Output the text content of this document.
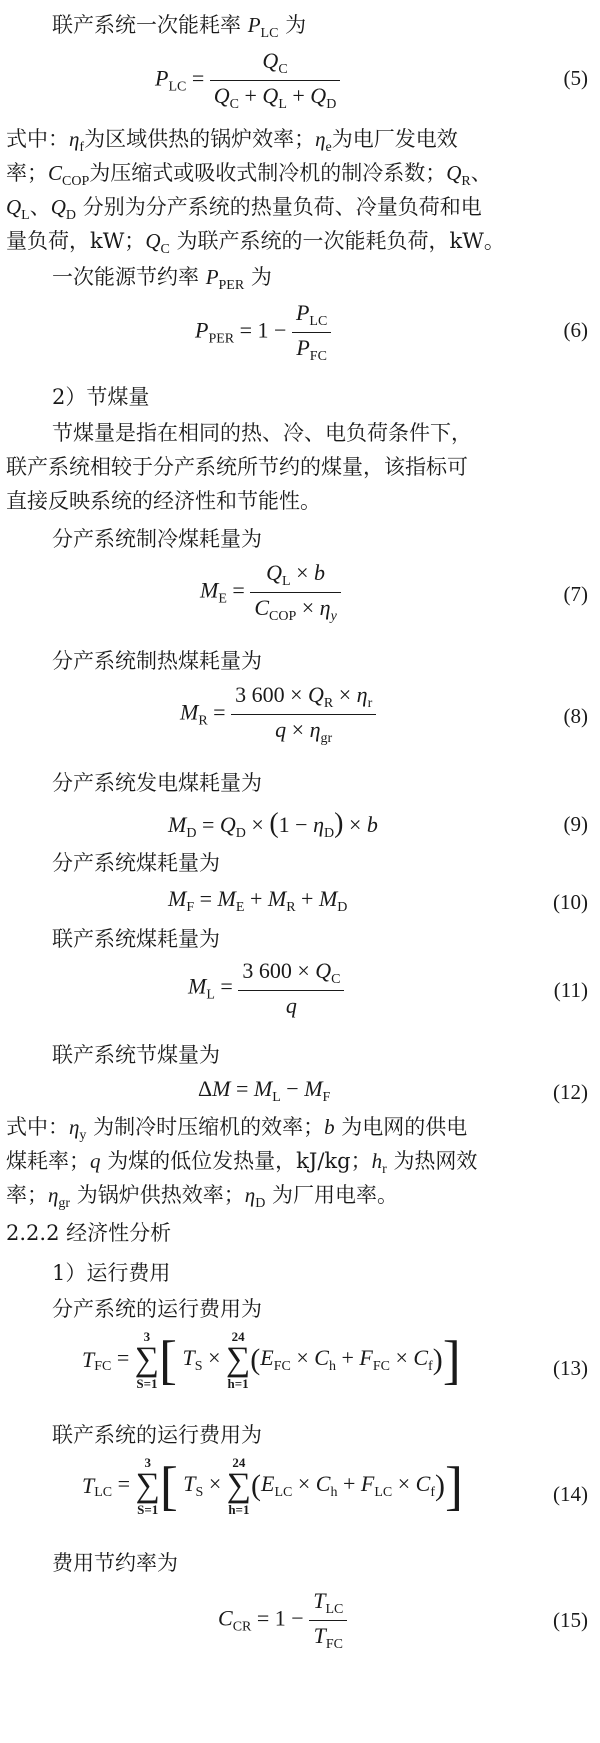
联产系统一次能耗率 $P_{LC}$ 为
$P_{LC} = \frac{Q_C}{Q_C + Q_L + Q_D}$	(5)
式中：$\eta_f$为区域供热的锅炉效率；$\eta_e$为电厂发电效
率；$C_{COP}$为压缩式或吸收式制冷机的制冷系数；$Q_R$、
$Q_L$、$Q_D$ 分别为分产系统的热量负荷、冷量负荷和电
量负荷，kW；$Q_C$ 为联产系统的一次能耗负荷，kW。
一次能源节约率 $P_{PER}$ 为
$P_{PER} = 1 - \frac{P_{LC}}{P_{FC}}$	(6)
2）节煤量
节煤量是指在相同的热、冷、电负荷条件下，
联产系统相较于分产系统所节约的煤量，该指标可
直接反映系统的经济性和节能性。
分产系统制冷煤耗量为
$M_E = \frac{Q_L \times b}{C_{COP} \times \eta_y}$	(7)
分产系统制热煤耗量为
$M_R = \frac{3 600 \times Q_R \times \eta_r}{q \times \eta_{gr}}$	(8)
分产系统发电煤耗量为
$M_D = Q_D \times (1 - \eta_D) \times b$	(9)
分产系统煤耗量为
$M_F = M_E + M_R + M_D$	(10)
联产系统煤耗量为
$M_L = \frac{3 600 \times Q_C}{q}$	(11)
联产系统节煤量为
$\Delta M = M_L - M_F$	(12)
式中：$\eta_y$ 为制冷时压缩机的效率；b 为电网的供电
煤耗率；q 为煤的低位发热量，kJ/kg；$h_r$ 为热网效
率；$\eta_{gr}$ 为锅炉供热效率；$\eta_D$ 为厂用电率。
2.2.2 经济性分析
1）运行费用
分产系统的运行费用为
$T_{FC}$ =
3
∑
S=1 [ $T_S$ ×
24
∑
h=1
$(E_{FC} \times C_h + F_{FC} \times C_f)$]	(13)
联产系统的运行费用为
$T_{LC}$ =
3
∑
S=1 [ $T_S$ ×
24
∑
h=1
$(E_{LC} \times C_h + F_{LC} \times C_f)$]	(14)
费用节约率为
$C_{CR} = 1 - \frac{T_{LC}}{T_{FC}}$	(15)
